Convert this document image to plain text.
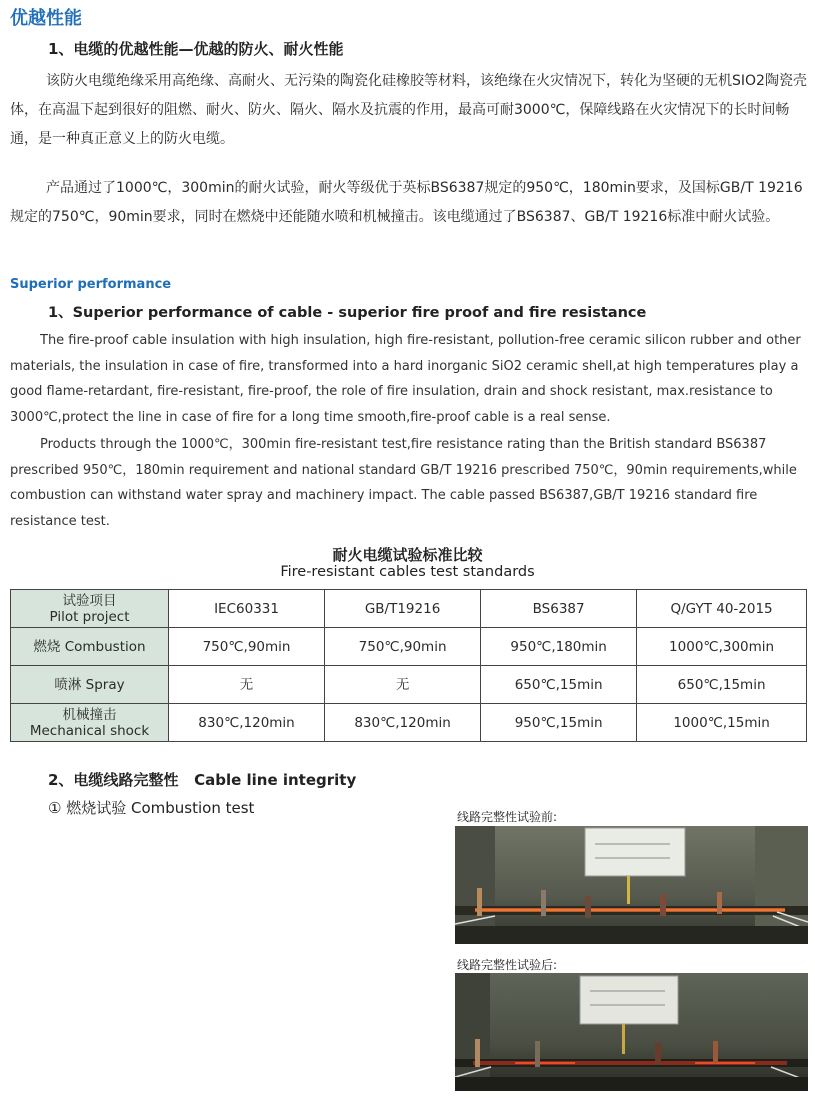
优越性能
1、电缆的优越性能—优越的防火、耐火性能
该防火电缆绝缘采用高绝缘、高耐火、无污染的陶瓷化硅橡胶等材料，该绝缘在火灾情况下，转化为坚硬的无机SIO2陶瓷壳体，在高温下起到很好的阻燃、耐火、防火、隔火、隔水及抗震的作用，最高可耐3000℃，保障线路在火灾情况下的长时间畅通，是一种真正意义上的防火电缆。
产品通过了1000℃，300min的耐火试验，耐火等级优于英标BS6387规定的950℃，180min要求，及国标GB/T 19216规定的750℃，90min要求，同时在燃烧中还能随水喷和机械撞击。该电缆通过了BS6387、GB/T 19216标准中耐火试验。
Superior performance
1、Superior performance of cable - superior fire proof and fire resistance
The fire-proof cable insulation with high insulation, high fire-resistant, pollution-free ceramic silicon rubber and other materials, the insulation in case of fire, transformed into a hard inorganic SiO2 ceramic shell,at high temperatures play a good flame-retardant, fire-resistant, fire-proof, the role of fire insulation, drain and shock resistant, max.resistance to 3000℃,protect the line in case of fire for a long time smooth,fire-proof cable is a real sense.
Products through the 1000℃，300min fire-resistant test,fire resistance rating than the British standard BS6387 prescribed 950℃，180min requirement and national standard GB/T 19216 prescribed 750℃，90min requirements,while combustion can withstand water spray and machinery impact. The cable passed BS6387,GB/T 19216 standard fire resistance test.
耐火电缆试验标准比较
Fire-resistant cables test standards
试验项目
Pilot project	IEC60331	GB/T19216	BS6387	Q/GYT 40-2015
燃烧 Combustion	750℃,90min	750℃,90min	950℃,180min	1000℃,300min
喷淋 Spray	无	无	650℃,15min	650℃,15min

机械撞击
Mechanical shock	830℃,120min	830℃,120min	950℃,15min	1000℃,15min
2、电缆线路完整性   Cable line integrity
① 燃烧试验 Combustion test	线路完整性试验前:
线路完整性试验后:
